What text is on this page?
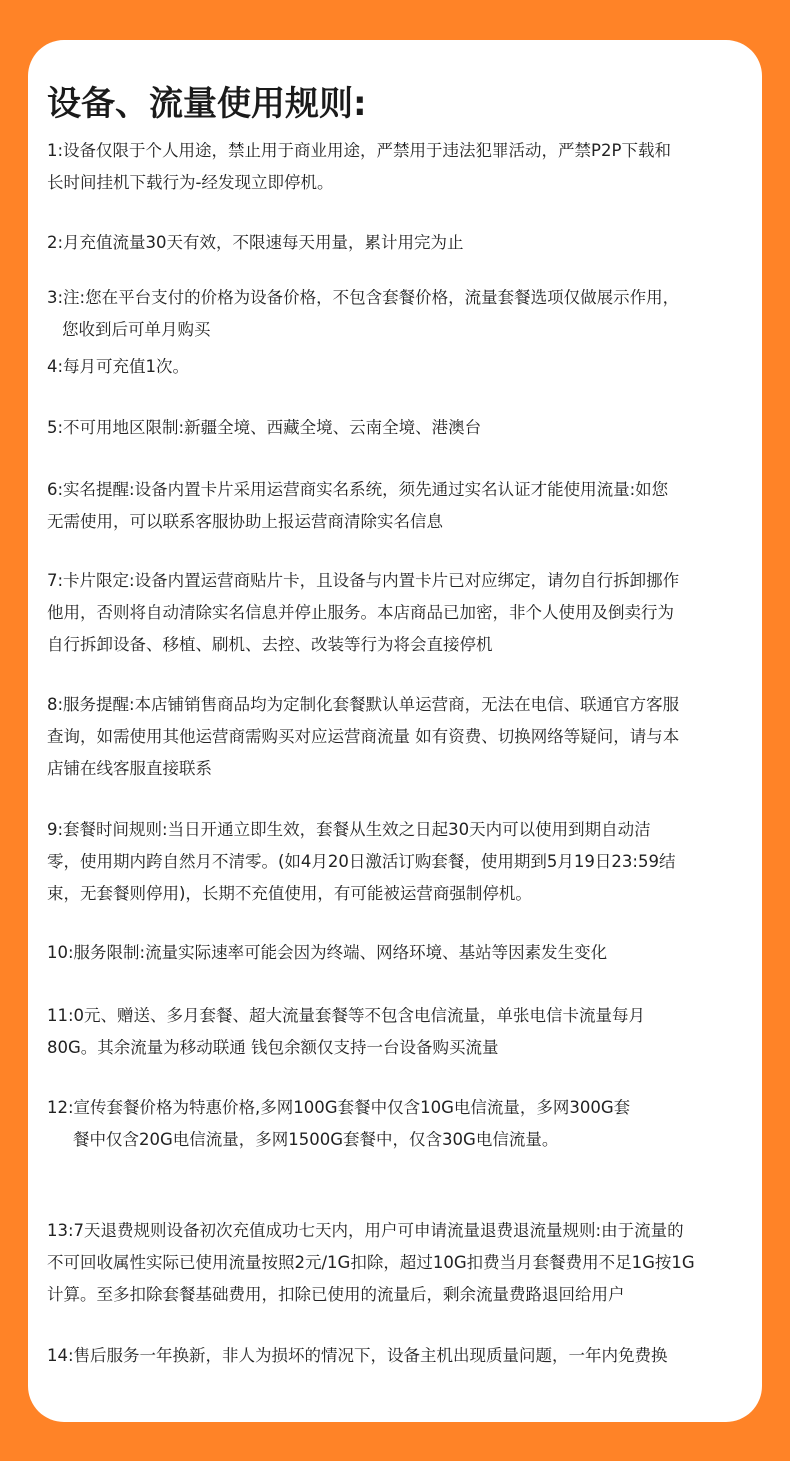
设备、流量使用规则:
1:设备仅限于个人用途，禁止用于商业用途，严禁用于违法犯罪活动，严禁P2P下载和
长时间挂机下载行为-经发现立即停机。
2:月充值流量30天有效，不限速每天用量，累计用完为止
3:注:您在平台支付的价格为设备价格，不包含套餐价格，流量套餐选项仅做展示作用，
您收到后可单月购买
4:每月可充值1次。
5:不可用地区限制:新疆全境、西藏全境、云南全境、港澳台
6:实名提醒:设备内置卡片采用运营商实名系统，须先通过实名认证才能使用流量:如您
无需使用，可以联系客服协助上报运营商清除实名信息
7:卡片限定:设备内置运营商贴片卡，且设备与内置卡片已对应绑定，请勿自行拆卸挪作
他用，否则将自动清除实名信息并停止服务。本店商品已加密，非个人使用及倒卖行为
自行拆卸设备、移植、刷机、去控、改装等行为将会直接停机
8:服务提醒:本店铺销售商品均为定制化套餐默认单运营商，无法在电信、联通官方客服
查询，如需使用其他运营商需购买对应运营商流量 如有资费、切换网络等疑问，请与本
店铺在线客服直接联系
9:套餐时间规则:当日开通立即生效，套餐从生效之日起30天内可以使用到期自动洁
零，使用期内跨自然月不清零。(如4月20日激活订购套餐，使用期到5月19日23:59结
束，无套餐则停用)，长期不充值使用，有可能被运营商强制停机。
10:服务限制:流量实际速率可能会因为终端、网络环境、基站等因素发生变化
11:0元、赠送、多月套餐、超大流量套餐等不包含电信流量，单张电信卡流量每月
80G。其余流量为移动联通 钱包余额仅支持一台设备购买流量
12:宣传套餐价格为特惠价格,多网100G套餐中仅含10G电信流量，多网300G套
餐中仅含20G电信流量，多网1500G套餐中，仅含30G电信流量。
13:7天退费规则设备初次充值成功七天内，用户可申请流量退费退流量规则:由于流量的
不可回收属性实际已使用流量按照2元/1G扣除，超过10G扣费当月套餐费用不足1G按1G
计算。至多扣除套餐基础费用，扣除已使用的流量后，剩余流量费路退回给用户
14:售后服务一年换新，非人为损坏的情况下，设备主机出现质量问题，一年内免费换
